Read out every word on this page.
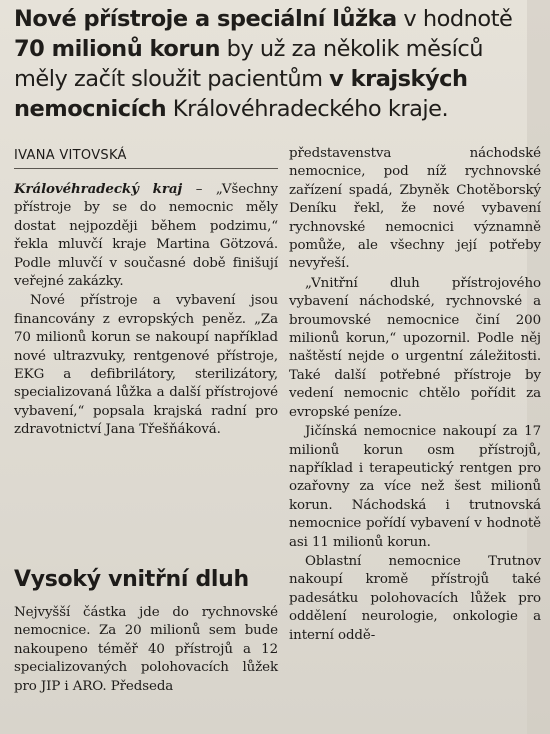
Nové přístroje a speciální lůžka v hodnotě 70 milionů korun by už za několik měsíců měly začít sloužit pacientům v krajských nemocnicích Královéhradeckého kraje.
IVANA VITOVSKÁ

Královéhradecký kraj – „Všechny přístroje by se do nemocnic měly dostat nejpozději během podzimu,“ řekla mluvčí kraje Martina Götzová. Podle mluvčí v současné době finišují veřejné zakázky.

Nové přístroje a vybavení jsou financovány z evropských peněz. „Za 70 milionů korun se nakoupí například nové ultrazvuky, rentgenové přístroje, EKG a defibrilátory, sterilizátory, specializovaná lůžka a další přístrojové vybavení,“ popsala krajská radní pro zdravotnictví Jana Třešňáková.

Vysoký vnitřní dluh

Nejvyšší částka jde do rychnovské nemocnice. Za 20 milionů sem bude nakoupeno téměř 40 přístrojů a 12 specializovaných polohovacích lůžek pro JIP i ARO. Předseda

představenstva náchodské nemocnice, pod níž rychnovské zařízení spadá, Zbyněk Chotěborský Deníku řekl, že nové vybavení rychnovské nemocnici významně pomůže, ale všechny její potřeby nevyřeší.

„Vnitřní dluh přístrojového vybavení náchodské, rychnovské a broumovské nemocnice činí 200 milionů korun,“ upozornil. Podle něj naštěstí nejde o urgentní záležitosti. Také další potřebné přístroje by vedení nemocnic chtělo pořídit za evropské peníze.

Jičínská nemocnice nakoupí za 17 milionů korun osm přístrojů, například i terapeutický rentgen pro ozařovny za více než šest milionů korun. Náchodská i trutnovská nemocnice pořídí vybavení v hodnotě asi 11 milionů korun.

Oblastní nemocnice Trutnov nakoupí kromě přístrojů také padesátku polohovacích lůžek pro oddělení neurologie, onkologie a interní oddě-
